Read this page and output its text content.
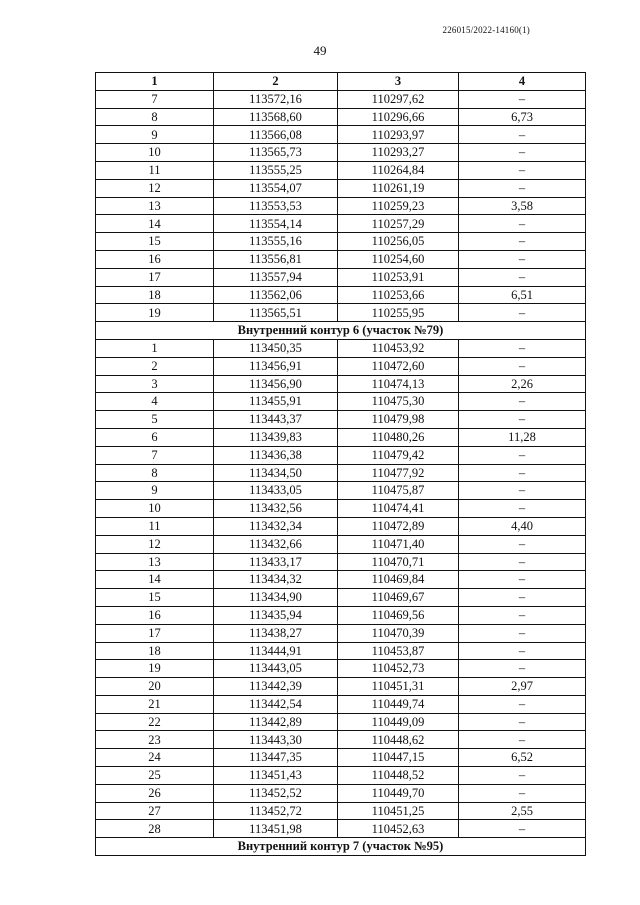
226015/2022-14160(1)
49
1	2	3	4
7	113572,16	110297,62	–
8	113568,60	110296,66	6,73
9	113566,08	110293,97	–
10	113565,73	110293,27	–
11	113555,25	110264,84	–
12	113554,07	110261,19	–
13	113553,53	110259,23	3,58
14	113554,14	110257,29	–
15	113555,16	110256,05	–
16	113556,81	110254,60	–
17	113557,94	110253,91	–
18	113562,06	110253,66	6,51
19	113565,51	110255,95	–
Внутренний контур 6 (участок №79)			
1	113450,35	110453,92	–
2	113456,91	110472,60	–
3	113456,90	110474,13	2,26
4	113455,91	110475,30	–
5	113443,37	110479,98	–
6	113439,83	110480,26	11,28
7	113436,38	110479,42	–
8	113434,50	110477,92	–
9	113433,05	110475,87	–
10	113432,56	110474,41	–
11	113432,34	110472,89	4,40
12	113432,66	110471,40	–
13	113433,17	110470,71	–
14	113434,32	110469,84	–
15	113434,90	110469,67	–
16	113435,94	110469,56	–
17	113438,27	110470,39	–
18	113444,91	110453,87	–
19	113443,05	110452,73	–
20	113442,39	110451,31	2,97
21	113442,54	110449,74	–
22	113442,89	110449,09	–
23	113443,30	110448,62	–
24	113447,35	110447,15	6,52
25	113451,43	110448,52	–
26	113452,52	110449,70	–
27	113452,72	110451,25	2,55
28	113451,98	110452,63	–
Внутренний контур 7 (участок №95)			
